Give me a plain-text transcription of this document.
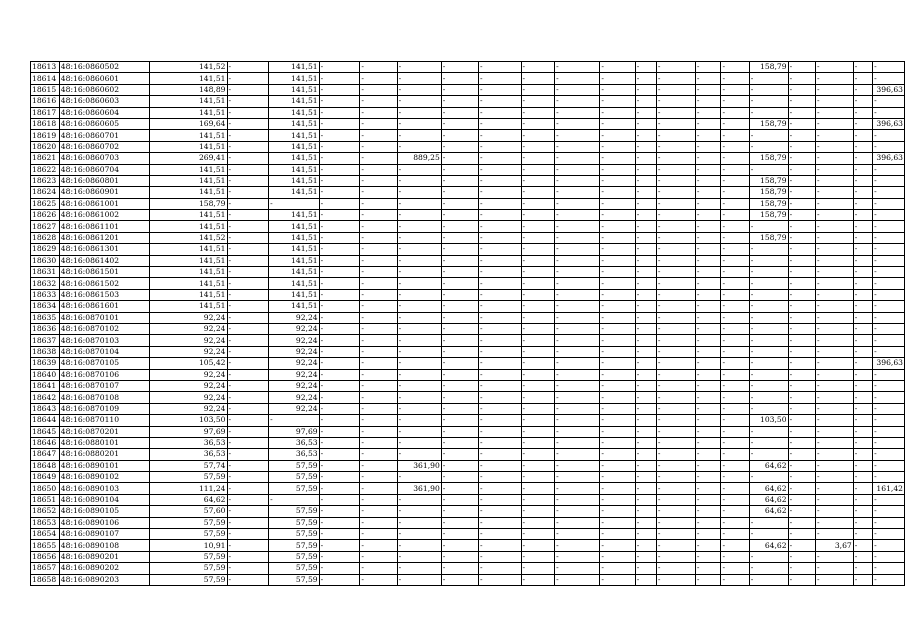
18613	48:16:0860502	141,52	-	141,51	-	-	-	-	-	-	-	-	-	-	-	-	158,79	-	-	-	-
18614	48:16:0860601	141,51	-	141,51	-	-	-	-	-	-	-	-	-	-	-	-	-	-	-	-	-
18615	48:16:0860602	148,89	-	141,51	-	-	-	-	-	-	-	-	-	-	-	-	-	-	-	-	396,63
18616	48:16:0860603	141,51	-	141,51	-	-	-	-	-	-	-	-	-	-	-	-	-	-	-	-	-
18617	48:16:0860604	141,51	-	141,51	-	-	-	-	-	-	-	-	-	-	-	-	-	-	-	-	-
18618	48:16:0860605	169,64	-	141,51	-	-	-	-	-	-	-	-	-	-	-	-	158,79	-	-	-	396,63
18619	48:16:0860701	141,51	-	141,51	-	-	-	-	-	-	-	-	-	-	-	-	-	-	-	-	-
18620	48:16:0860702	141,51	-	141,51	-	-	-	-	-	-	-	-	-	-	-	-	-	-	-	-	-
18621	48:16:0860703	269,41	-	141,51	-	-	889,25	-	-	-	-	-	-	-	-	-	158,79	-	-	-	396,63
18622	48:16:0860704	141,51	-	141,51	-	-	-	-	-	-	-	-	-	-	-	-	-	-	-	-	-
18623	48:16:0860801	141,51	-	141,51	-	-	-	-	-	-	-	-	-	-	-	-	158,79	-	-	-	-
18624	48:16:0860901	141,51	-	141,51	-	-	-	-	-	-	-	-	-	-	-	-	158,79	-	-	-	-
18625	48:16:0861001	158,79	-	-	-	-	-	-	-	-	-	-	-	-	-	-	158,79	-	-	-	-
18626	48:16:0861002	141,51	-	141,51	-	-	-	-	-	-	-	-	-	-	-	-	158,79	-	-	-	-
18627	48:16:0861101	141,51	-	141,51	-	-	-	-	-	-	-	-	-	-	-	-	-	-	-	-	-
18628	48:16:0861201	141,52	-	141,51	-	-	-	-	-	-	-	-	-	-	-	-	158,79	-	-	-	-
18629	48:16:0861301	141,51	-	141,51	-	-	-	-	-	-	-	-	-	-	-	-	-	-	-	-	-
18630	48:16:0861402	141,51	-	141,51	-	-	-	-	-	-	-	-	-	-	-	-	-	-	-	-	-
18631	48:16:0861501	141,51	-	141,51	-	-	-	-	-	-	-	-	-	-	-	-	-	-	-	-	-
18632	48:16:0861502	141,51	-	141,51	-	-	-	-	-	-	-	-	-	-	-	-	-	-	-	-	-
18633	48:16:0861503	141,51	-	141,51	-	-	-	-	-	-	-	-	-	-	-	-	-	-	-	-	-
18634	48:16:0861601	141,51	-	141,51	-	-	-	-	-	-	-	-	-	-	-	-	-	-	-	-	-
18635	48:16:0870101	92,24	-	92,24	-	-	-	-	-	-	-	-	-	-	-	-	-	-	-	-	-
18636	48:16:0870102	92,24	-	92,24	-	-	-	-	-	-	-	-	-	-	-	-	-	-	-	-	-
18637	48:16:0870103	92,24	-	92,24	-	-	-	-	-	-	-	-	-	-	-	-	-	-	-	-	-
18638	48:16:0870104	92,24	-	92,24	-	-	-	-	-	-	-	-	-	-	-	-	-	-	-	-	-
18639	48:16:0870105	105,42	-	92,24	-	-	-	-	-	-	-	-	-	-	-	-	-	-	-	-	396,63
18640	48:16:0870106	92,24	-	92,24	-	-	-	-	-	-	-	-	-	-	-	-	-	-	-	-	-
18641	48:16:0870107	92,24	-	92,24	-	-	-	-	-	-	-	-	-	-	-	-	-	-	-	-	-
18642	48:16:0870108	92,24	-	92,24	-	-	-	-	-	-	-	-	-	-	-	-	-	-	-	-	-
18643	48:16:0870109	92,24	-	92,24	-	-	-	-	-	-	-	-	-	-	-	-	-	-	-	-	-
18644	48:16:0870110	103,50	-	-	-	-	-	-	-	-	-	-	-	-	-	-	103,50	-	-	-	-
18645	48:16:0870201	97,69	-	97,69	-	-	-	-	-	-	-	-	-	-	-	-	-	-	-	-	-
18646	48:16:0880101	36,53	-	36,53	-	-	-	-	-	-	-	-	-	-	-	-	-	-	-	-	-
18647	48:16:0880201	36,53	-	36,53	-	-	-	-	-	-	-	-	-	-	-	-	-	-	-	-	-
18648	48:16:0890101	57,74	-	57,59	-	-	361,90	-	-	-	-	-	-	-	-	-	64,62	-	-	-	-
18649	48:16:0890102	57,59	-	57,59	-	-	-	-	-	-	-	-	-	-	-	-	-	-	-	-	-
18650	48:16:0890103	111,24	-	57,59	-	-	361,90	-	-	-	-	-	-	-	-	-	64,62	-	-	-	161,42
18651	48:16:0890104	64,62	-	-	-	-	-	-	-	-	-	-	-	-	-	-	64,62	-	-	-	-
18652	48:16:0890105	57,60	-	57,59	-	-	-	-	-	-	-	-	-	-	-	-	64,62	-	-	-	-
18653	48:16:0890106	57,59	-	57,59	-	-	-	-	-	-	-	-	-	-	-	-	-	-	-	-	-
18654	48:16:0890107	57,59	-	57,59	-	-	-	-	-	-	-	-	-	-	-	-	-	-	-	-	-
18655	48:16:0890108	10,91	-	57,59	-	-	-	-	-	-	-	-	-	-	-	-	64,62	-	3,67	-	-
18656	48:16:0890201	57,59	-	57,59	-	-	-	-	-	-	-	-	-	-	-	-	-	-	-	-	-
18657	48:16:0890202	57,59	-	57,59	-	-	-	-	-	-	-	-	-	-	-	-	-	-	-	-	-
18658	48:16:0890203	57,59	-	57,59	-	-	-	-	-	-	-	-	-	-	-	-	-	-	-	-	-
